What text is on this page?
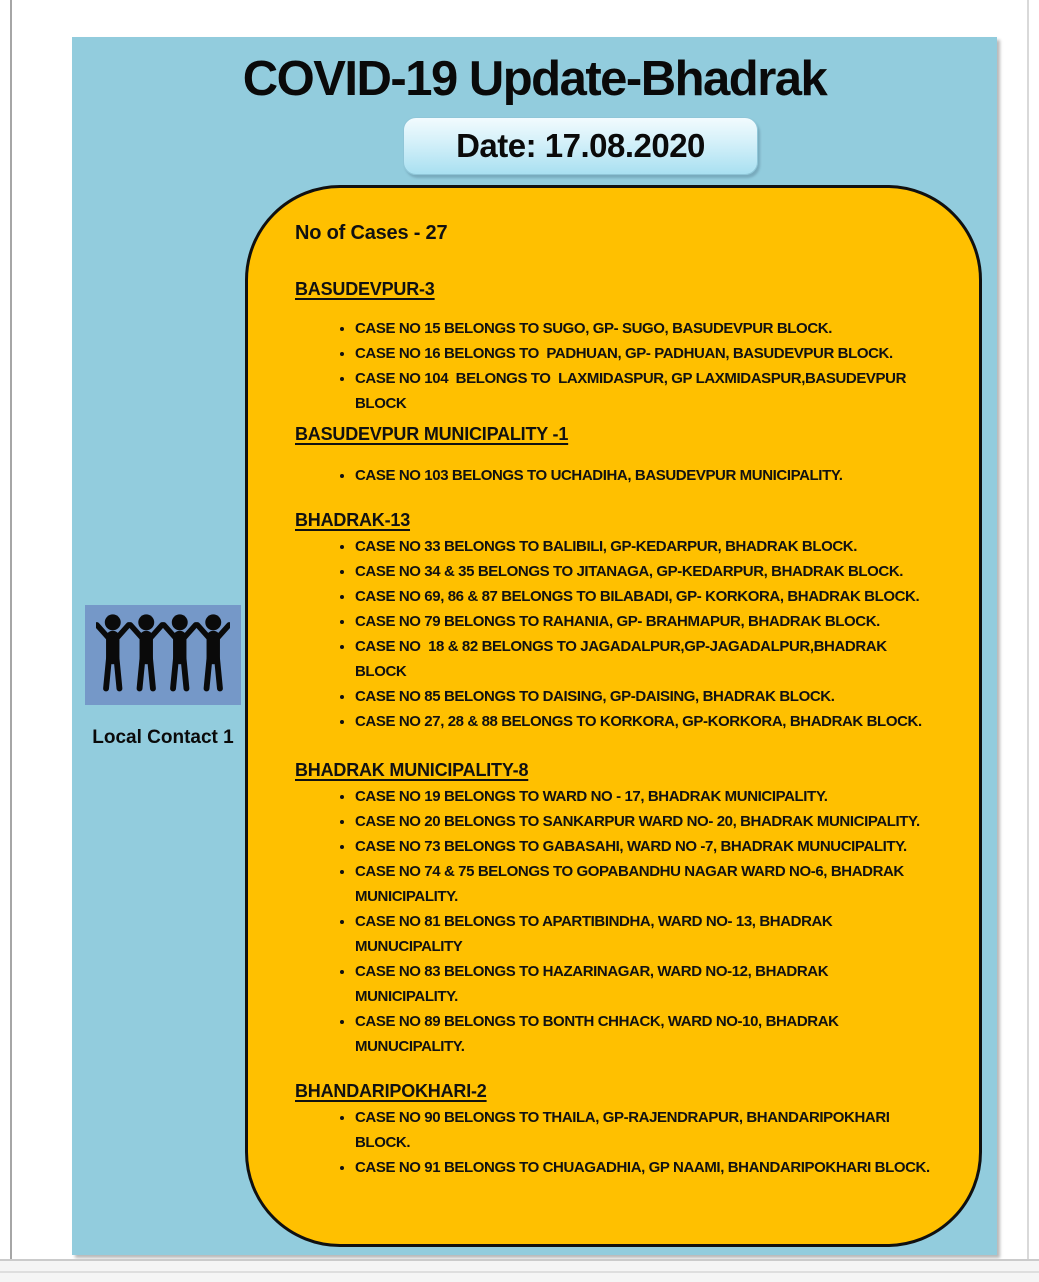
COVID-19 Update-Bhadrak
Date: 17.08.2020
Local Contact 1
No of Cases - 27
BASUDEVPUR-3
• CASE NO 15 BELONGS TO SUGO, GP- SUGO, BASUDEVPUR BLOCK.
• CASE NO 16 BELONGS TO  PADHUAN, GP- PADHUAN, BASUDEVPUR BLOCK.
• CASE NO 104  BELONGS TO  LAXMIDASPUR, GP LAXMIDASPUR,BASUDEVPUR BLOCK
BASUDEVPUR MUNICIPALITY -1
• CASE NO 103 BELONGS TO UCHADIHA, BASUDEVPUR MUNICIPALITY.
BHADRAK-13
• CASE NO 33 BELONGS TO BALIBILI, GP-KEDARPUR, BHADRAK BLOCK.
• CASE NO 34 & 35 BELONGS TO JITANAGA, GP-KEDARPUR, BHADRAK BLOCK.
• CASE NO 69, 86 & 87 BELONGS TO BILABADI, GP- KORKORA, BHADRAK BLOCK.
• CASE NO 79 BELONGS TO RAHANIA, GP- BRAHMAPUR, BHADRAK BLOCK.
• CASE NO  18 & 82 BELONGS TO JAGADALPUR,GP-JAGADALPUR,BHADRAK BLOCK
• CASE NO 85 BELONGS TO DAISING, GP-DAISING, BHADRAK BLOCK.
• CASE NO 27, 28 & 88 BELONGS TO KORKORA, GP-KORKORA, BHADRAK BLOCK.
BHADRAK MUNICIPALITY-8
• CASE NO 19 BELONGS TO WARD NO - 17, BHADRAK MUNICIPALITY.
• CASE NO 20 BELONGS TO SANKARPUR WARD NO- 20, BHADRAK MUNICIPALITY.
• CASE NO 73 BELONGS TO GABASAHI, WARD NO -7, BHADRAK MUNUCIPALITY.
• CASE NO 74 & 75 BELONGS TO GOPABANDHU NAGAR WARD NO-6, BHADRAK MUNICIPALITY.
• CASE NO 81 BELONGS TO APARTIBINDHA, WARD NO- 13, BHADRAK MUNUCIPALITY
• CASE NO 83 BELONGS TO HAZARINAGAR, WARD NO-12, BHADRAK MUNICIPALITY.
• CASE NO 89 BELONGS TO BONTH CHHACK, WARD NO-10, BHADRAK MUNUCIPALITY.
BHANDARIPOKHARI-2
• CASE NO 90 BELONGS TO THAILA, GP-RAJENDRAPUR, BHANDARIPOKHARI BLOCK.
• CASE NO 91 BELONGS TO CHUAGADHIA, GP NAAMI, BHANDARIPOKHARI BLOCK.
